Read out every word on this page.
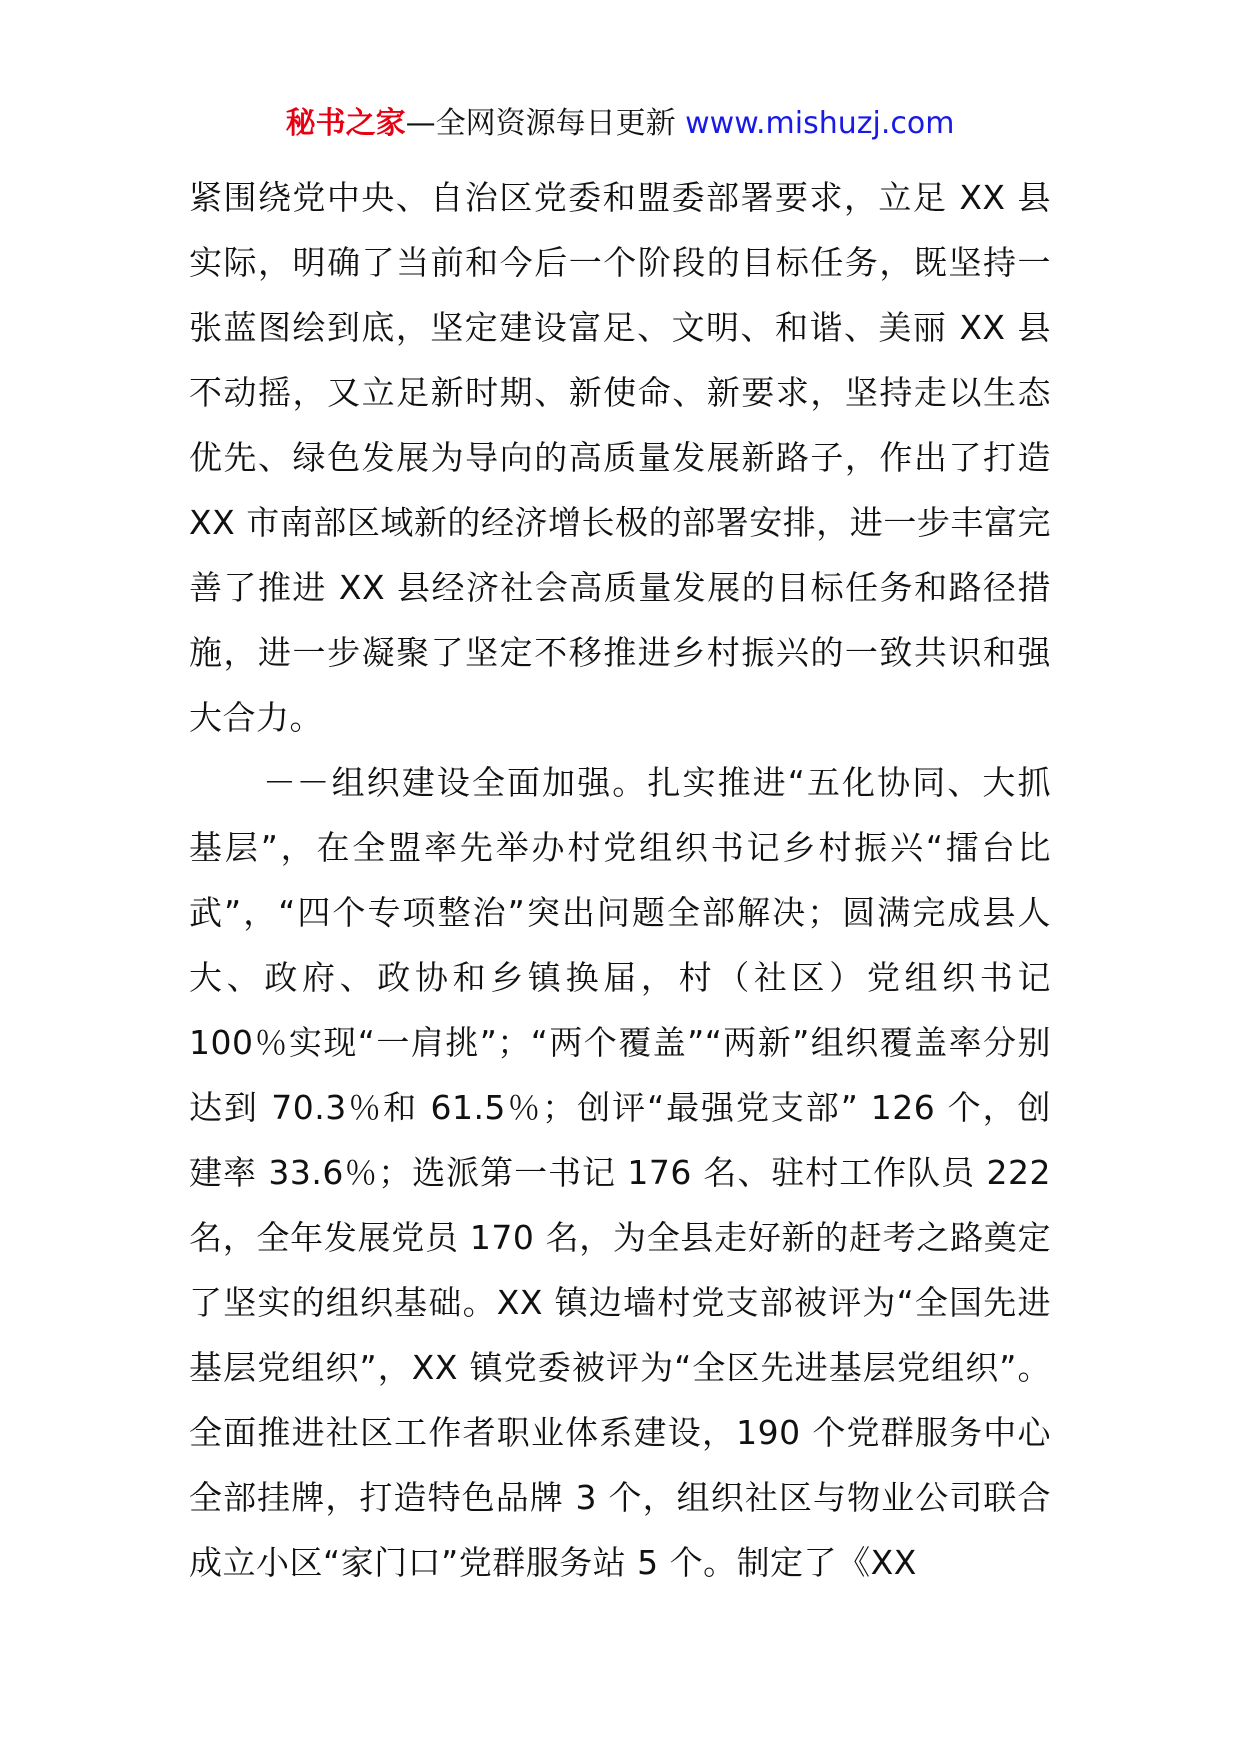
秘书之家—全网资源每日更新 www.mishuzj.com

紧围绕党中央、自治区党委和盟委部署要求，立足 XX 县实际，明确了当前和今后一个阶段的目标任务，既坚持一张蓝图绘到底，坚定建设富足、文明、和谐、美丽 XX 县不动摇，又立足新时期、新使命、新要求，坚持走以生态优先、绿色发展为导向的高质量发展新路子，作出了打造 XX 市南部区域新的经济增长极的部署安排，进一步丰富完善了推进 XX 县经济社会高质量发展的目标任务和路径措施，进一步凝聚了坚定不移推进乡村振兴的一致共识和强大合力。

－－组织建设全面加强。扎实推进“五化协同、大抓基层”，在全盟率先举办村党组织书记乡村振兴“擂台比武”，“四个专项整治”突出问题全部解决；圆满完成县人大、政府、政协和乡镇换届，村（社区）党组织书记 100％实现“一肩挑”；“两个覆盖”“两新”组织覆盖率分别达到 70.3％和 61.5％；创评“最强党支部” 126 个，创建率 33.6％；选派第一书记 176 名、驻村工作队员 222 名，全年发展党员 170 名，为全县走好新的赶考之路奠定了坚实的组织基础。XX 镇边墙村党支部被评为“全国先进基层党组织”，XX 镇党委被评为“全区先进基层党组织”。全面推进社区工作者职业体系建设，190 个党群服务中心全部挂牌，打造特色品牌 3 个，组织社区与物业公司联合成立小区“家门口”党群服务站 5 个。制定了《XX
